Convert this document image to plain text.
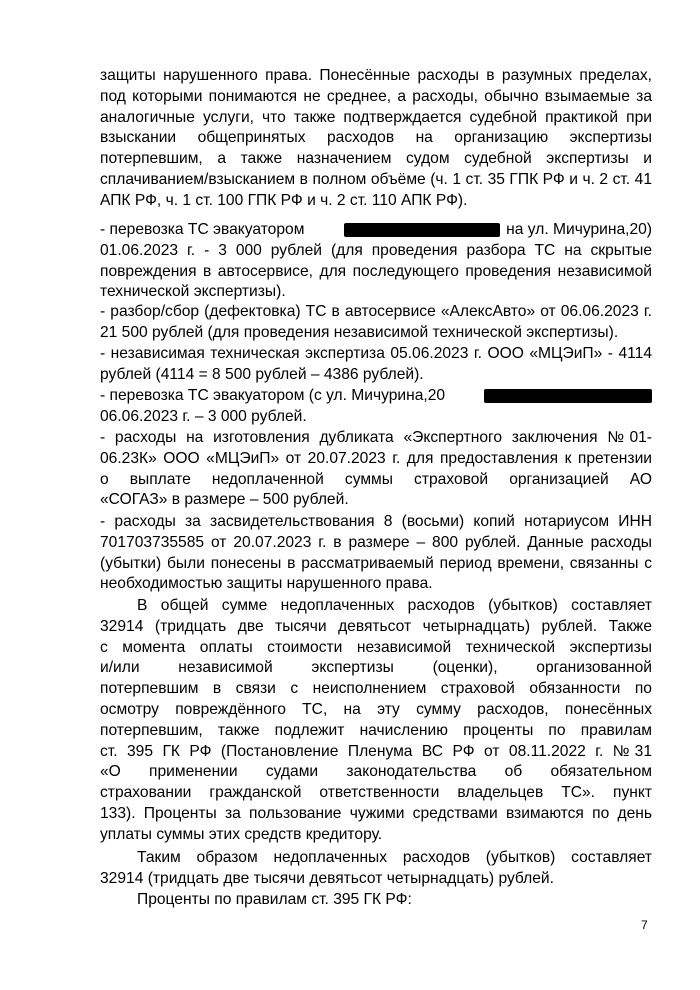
защиты нарушенного права. Понесённые расходы в разумных пределах,
под которыми понимаются не среднее, а расходы, обычно взымаемые за
аналогичные услуги, что также подтверждается судебной практикой при
взыскании общепринятых расходов на организацию экспертизы
потерпевшим, а также назначением судом судебной экспертизы и
сплачиванием/взысканием в полном объёме (ч. 1 ст. 35 ГПК РФ и ч. 2 ст. 41
АПК РФ, ч. 1 ст. 100 ГПК РФ и ч. 2 ст. 110 АПК РФ).
- перевозка ТС эвакуатором	на ул. Мичурина,20)
01.06.2023 г. - 3 000 рублей (для проведения разбора ТС на скрытые
повреждения в автосервисе, для последующего проведения независимой
технической экспертизы).
- разбор/сбор (дефектовка) ТС в автосервисе «АлексАвто» от 06.06.2023 г.
21 500 рублей (для проведения независимой технической экспертизы).
- независимая техническая экспертиза 05.06.2023 г. ООО «МЦЭиП» - 4114
рублей (4114 = 8 500 рублей – 4386 рублей).
- перевозка ТС эвакуатором (с ул. Мичурина,20
06.06.2023 г. – 3 000 рублей.
- расходы на изготовления дубликата «Экспертного заключения №01-
06.23К» ООО «МЦЭиП» от 20.07.2023 г. для предоставления к претензии
о выплате недоплаченной суммы страховой организацией АО
«СОГАЗ» в размере – 500 рублей.
- расходы за засвидетельствования 8 (восьми) копий нотариусом ИНН
701703735585 от 20.07.2023 г. в размере – 800 рублей. Данные расходы
(убытки) были понесены в рассматриваемый период времени, связанны с
необходимостью защиты нарушенного права.
В общей сумме недоплаченных расходов (убытков) составляет
32914 (тридцать две тысячи девятьсот четырнадцать) рублей. Также
с момента оплаты стоимости независимой технической экспертизы
и/или независимой экспертизы (оценки), организованной
потерпевшим в связи с неисполнением страховой обязанности по
осмотру повреждённого ТС, на эту сумму расходов, понесённых
потерпевшим, также подлежит начислению проценты по правилам
ст. 395 ГК РФ (Постановление Пленума ВС РФ от 08.11.2022 г. №31
«О применении судами законодательства об обязательном
страховании гражданской ответственности владельцев ТС». пункт
133). Проценты за пользование чужими средствами взимаются по день
уплаты суммы этих средств кредитору.
Таким образом недоплаченных расходов (убытков) составляет
32914 (тридцать две тысячи девятьсот четырнадцать) рублей.
Проценты по правилам ст. 395 ГК РФ:
7
